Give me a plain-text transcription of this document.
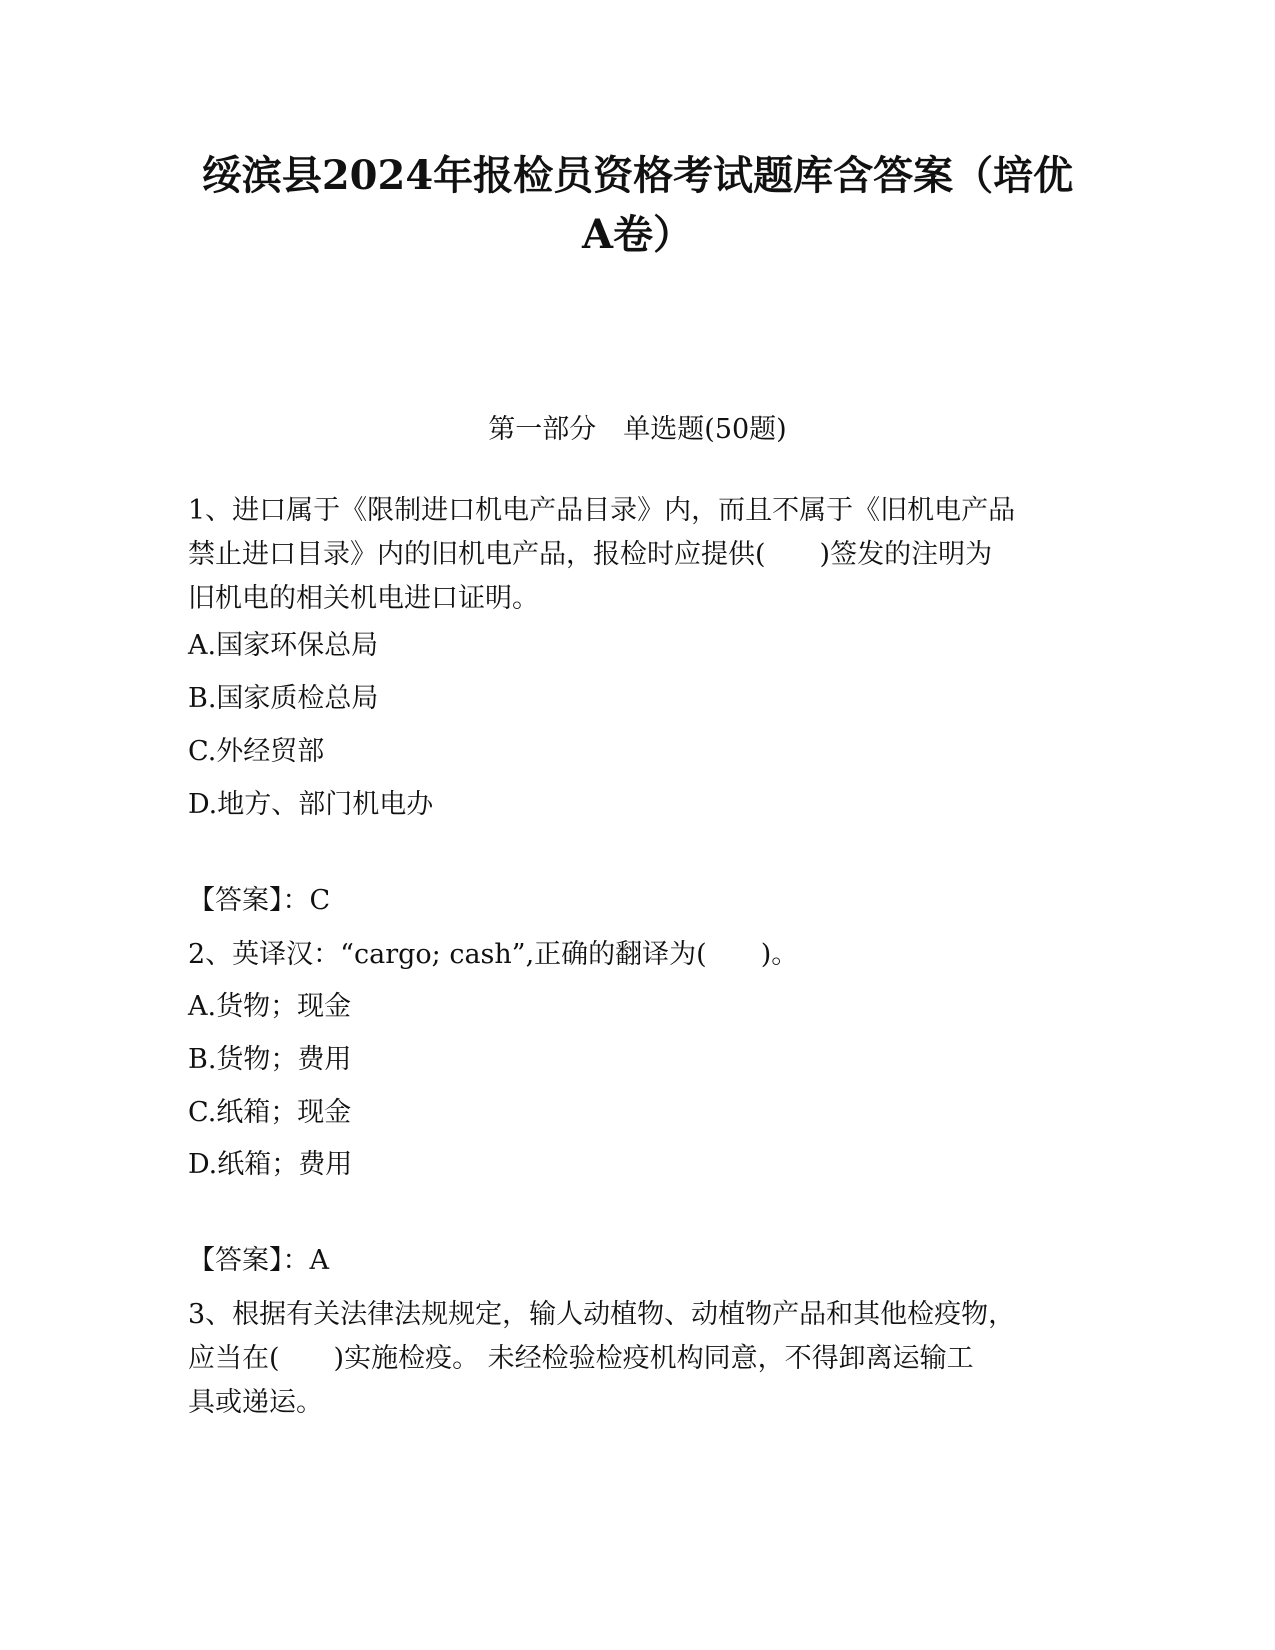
绥滨县2024年报检员资格考试题库含答案（培优
A卷）
第一部分　单选题(50题)
1、进口属于《限制进口机电产品目录》内，而且不属于《旧机电产品
禁止进口目录》内的旧机电产品，报检时应提供(　　)签发的注明为
旧机电的相关机电进口证明。
A.国家环保总局
B.国家质检总局
C.外经贸部
D.地方、部门机电办
【答案】：C
2、英译汉：“cargo; cash”,正确的翻译为(　　)。
A.货物；现金
B.货物；费用
C.纸箱；现金
D.纸箱；费用
【答案】：A
3、根据有关法律法规规定，输人动植物、动植物产品和其他检疫物，
应当在(　　)实施检疫。 未经检验检疫机构同意，不得卸离运输工
具或递运。
